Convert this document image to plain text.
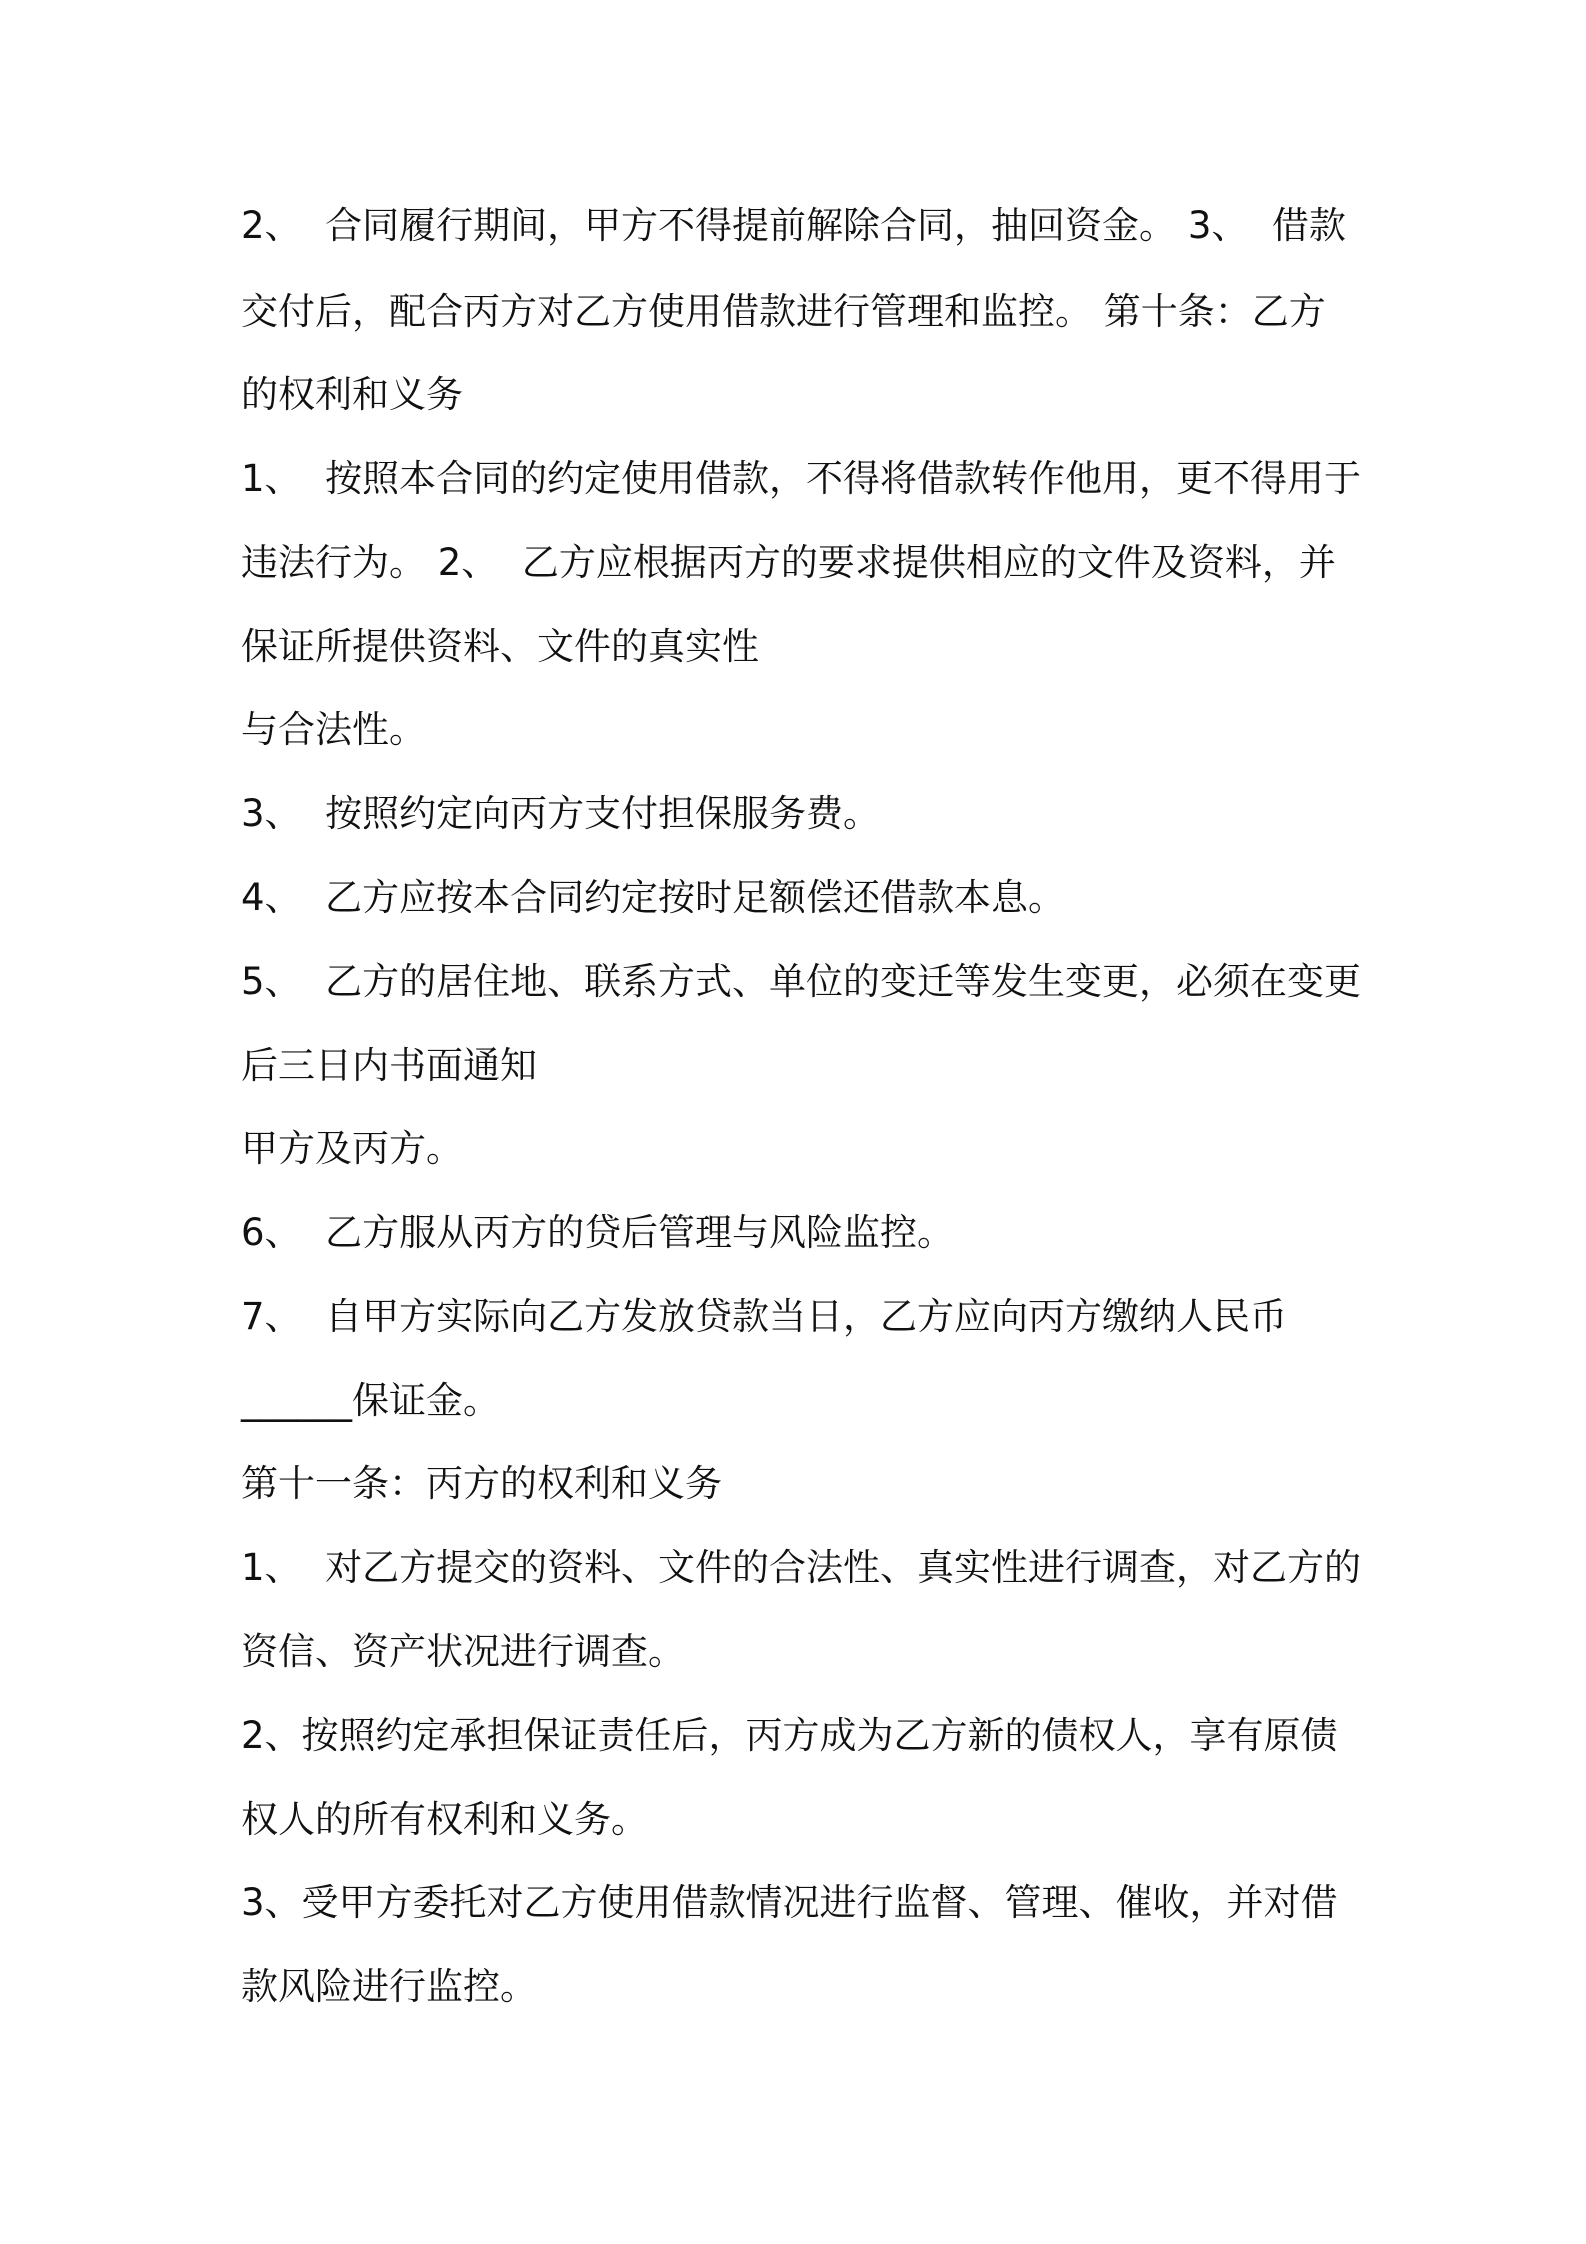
2、  合同履行期间，甲方不得提前解除合同，抽回资金。 3、  借款
交付后，配合丙方对乙方使用借款进行管理和监控。 第十条：乙方
的权利和义务
1、  按照本合同的约定使用借款，不得将借款转作他用，更不得用于
违法行为。 2、  乙方应根据丙方的要求提供相应的文件及资料，并
保证所提供资料、文件的真实性
与合法性。
3、  按照约定向丙方支付担保服务费。
4、  乙方应按本合同约定按时足额偿还借款本息。
5、  乙方的居住地、联系方式、单位的变迁等发生变更，必须在变更
后三日内书面通知
甲方及丙方。
6、  乙方服从丙方的贷后管理与风险监控。
7、  自甲方实际向乙方发放贷款当日，乙方应向丙方缴纳人民币
______保证金。
第十一条：丙方的权利和义务
1、  对乙方提交的资料、文件的合法性、真实性进行调查，对乙方的
资信、资产状况进行调查。
2、按照约定承担保证责任后，丙方成为乙方新的债权人，享有原债
权人的所有权利和义务。
3、受甲方委托对乙方使用借款情况进行监督、管理、催收，并对借
款风险进行监控。
